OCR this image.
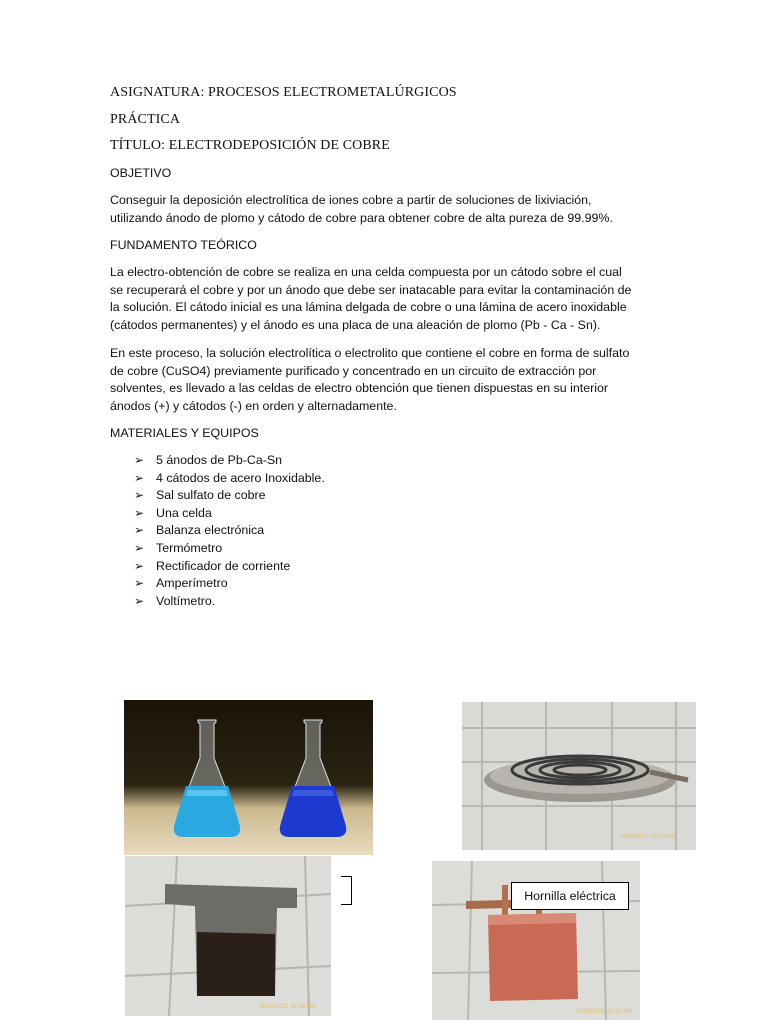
ASIGNATURA: PROCESOS ELECTROMETALÚRGICOS
PRÁCTICA
TÍTULO: ELECTRODEPOSICIÓN DE COBRE
OBJETIVO
Conseguir la deposición electrolítica de iones cobre a partir de soluciones de lixiviación,
utilizando ánodo de plomo y cátodo de cobre para obtener cobre de alta pureza de 99.99%.
FUNDAMENTO TEÓRICO
La electro-obtención de cobre se realiza en una celda compuesta por un cátodo sobre el cual
se recuperará el cobre y por un ánodo que debe ser inatacable para evitar la contaminación de
la solución. El cátodo inicial es una lámina delgada de cobre o una lámina de acero inoxidable
(cátodos permanentes) y el ánodo es una placa de una aleación de plomo (Pb - Ca - Sn).
En este proceso, la solución electrolítica o electrolito que contiene el cobre en forma de sulfato
de cobre (CuSO4) previamente purificado y concentrado en un circuito de extracción por
solventes, es llevado a las celdas de electro obtención que tienen dispuestas en su interior
ánodos (+) y cátodos (-) en orden y alternadamente.
MATERIALES Y EQUIPOS
➢ 5 ánodos de Pb-Ca-Sn
➢ 4 cátodos de acero Inoxidable.
➢ Sal sulfato de cobre
➢ Una celda
➢ Balanza electrónica
➢ Termómetro
➢ Rectificador de corriente
➢ Amperímetro
➢ Voltímetro.
10/09/2011 11:13 AM
10/09/2011 11:18 AM
10/09/2011 11:14 AM
Hornilla eléctrica
